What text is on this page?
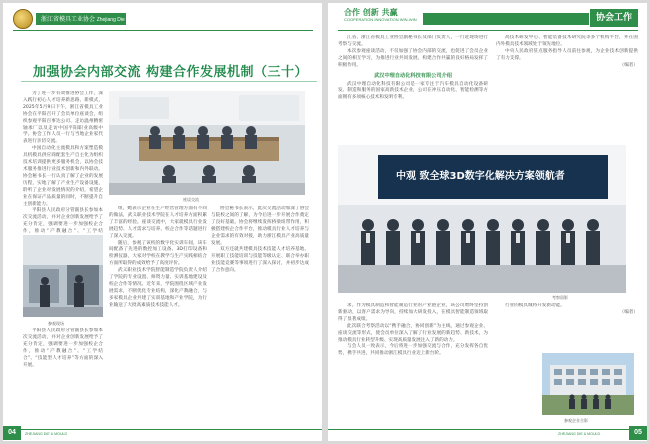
浙江省模具工业协会 Zhejiang Die & Mould Industry Association
加强协会内部交流 构建合作发展机制（三十）

为了进一步有效推进协会工作，深入践行初心人才培养新思路、新模式，2025年5月9日下午，浙江省模具工业协会在平阳召开了会员单位座谈会，组织参观平阳百事达公司、走访温州精密轴承厂以及走访中国平阳职业高级中学。协会工作人员一行与当地企业家代表进行亲切交流。

中国自动化主流模具和方案塑造模具机模具供应商配套生产自主化为组织技术培训提供更多服务机会，以协会技术服务推进行业技术创新和内外联动。协会秘书长一行认真了解了企业的发展历程，实地了解了产业生产设备设施，聆听了企业对发展情况的介绍，希望企业在保证产品质量的同时，不断提升自主创新能力。

平阳县人民政府分管副县长参加本次交流活动，并对企业创新发展给予了充分肯定，强调要进一步加强校企合作，推动“产教融合”、“工学结

座谈交流

组，她表示企业在生产经营管理方面有不同的做法，武义职业技术学院在人才培养方面积累了丰富的经验。座谈交流中，大家就模具行业发展趋势、人才需求与培养、校企合作等话题进行了深入交流。

随后，参观了该校的数字化实训车间，该车间配备了先进的数控加工设备、3D打印设备和检测仪器，大家对学校在教学与生产实践相结合方面所取得的成效给予了高度评价。

武义职业技术学院智能制造学院负责人介绍了学院的专业设置、师资力量、实训基地建设及校企合作等情况。近年来，学院围绕区域产业发展需求，不断优化专业结构，深化产教融合，与多家模具企业共建了实训基地和产业学院，为行业输送了大批高素质技术技能人才。

协会秘书长表示，此次交流活动加深了协会与院校之间的了解，为今后进一步开展合作奠定了良好基础。协会将继续发挥桥梁纽带作用，积极搭建校企合作平台，推动模具行业人才培养与企业需求的有效对接，助力浙江模具产业高质量发展。

双方还就共建模具技术技能人才培养基地、开展职工技能培训与技能等级认定、联合举办职业技能竞赛等事项进行了深入探讨，并初步达成了合作意向。

参观现场

平阳县人民政府分管副县长参加本次交流活动，并对企业创新发展给予了充分肯定，强调要进一步加强校企合作，推动“产教融合”、“工学结合”、“技能型人才培养”等方面的深入开展。

04	ZHEJIANG DIE & MOULD
合作 创新 共赢
COOPERATION INNOVATION WIN-WIN	协会工作

江省、浙江省模具工业协会副秘书长及部门负责人，一行赴现场进行考察与交流。

本次参观座谈活动，不仅加强了协会内部的交流，也促进了会员企业之间的相互学习，为推进行业共同发展、构建合作共赢的良好格局发挥了积极作用。

武汉中理自动化科技有限公司介绍

武汉中理自动化科技有限公司是一家专注于汽车模具自动化设备研发、制造和服务的国家高新技术企业，公司在冲压自动化、智能检测等方面拥有多项核心技术和发明专利。

高技术研发中心、智能装备技术研究院等多个机构平台，并在国内外模具技术领域处于领先地位。

中央人民政府驻点服务指导人员前往参观，为企业技术创新提供了有力支撑。

（编者）

中观 致全球3D数字化解决方案领航者
考察留影

求。作为模具制造和智能制造行业的产业链企业，该公司始终坚持创新驱动，以客户需求为导向，持续加大研发投入，在模具智能制造领域取得了显著成绩。

此次联合考察活动以“携手融合，协同创新”为主线，通过参观企业、座谈交流等形式，使会员单位深入了解了行业发展的新趋势、新技术，为推动模具行业转型升级、实现高质量发展注入了新的动力。

与会人员一致表示，今后将进一步加强交流与合作，充分发挥各自优势，携手共进，共同推动浙江模具行业迈上新台阶。

行业的模具城将开发新动能。

（编者）

参观企业合影
05
ZHEJIANG DIE & MOULD
